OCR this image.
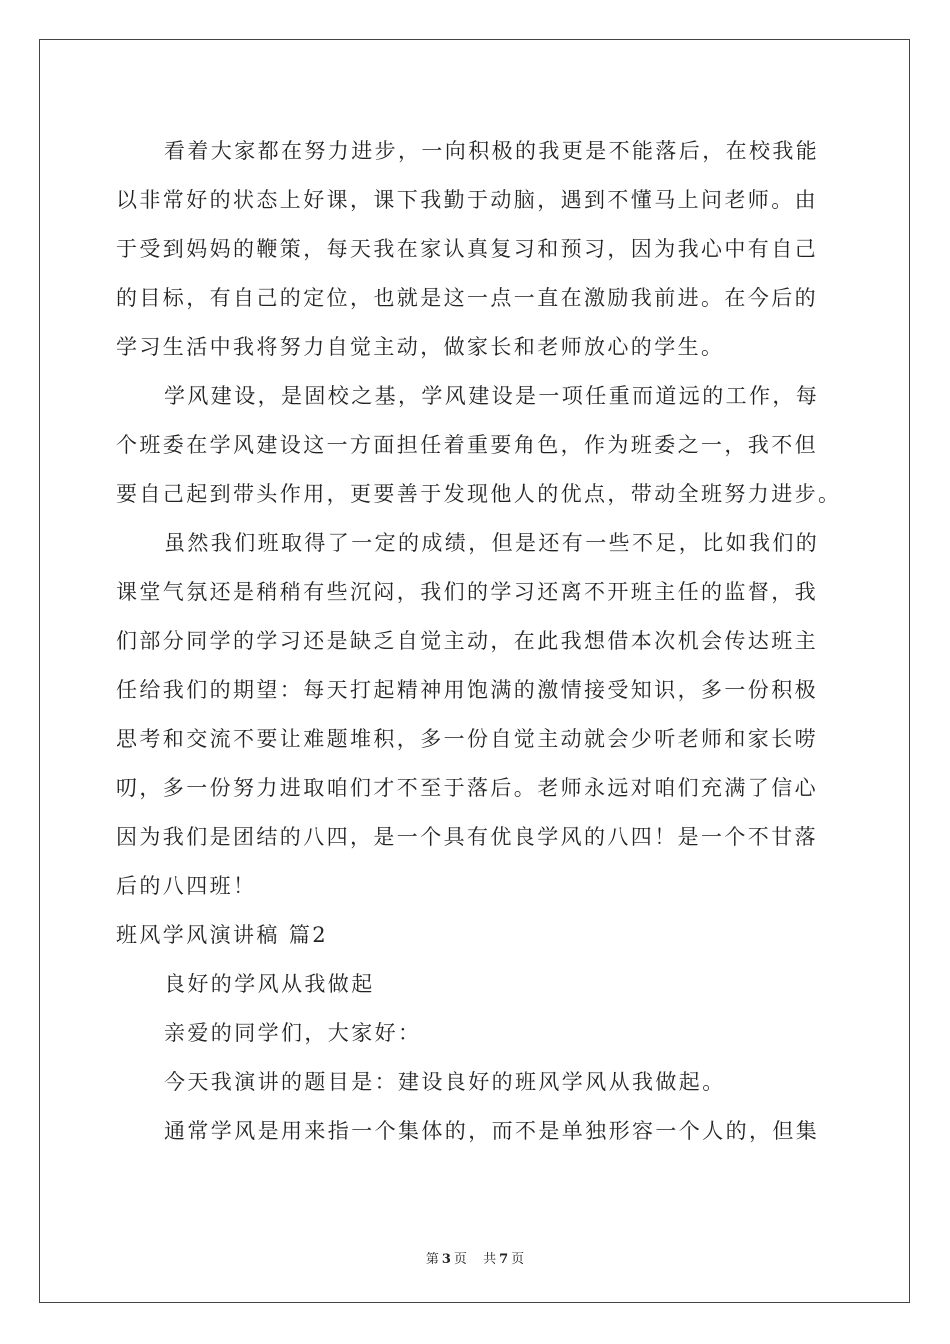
看着大家都在努力进步，一向积极的我更是不能落后，在校我能
以非常好的状态上好课，课下我勤于动脑，遇到不懂马上问老师。由
于受到妈妈的鞭策，每天我在家认真复习和预习，因为我心中有自己
的目标，有自己的定位，也就是这一点一直在激励我前进。在今后的
学习生活中我将努力自觉主动，做家长和老师放心的学生。
学风建设，是固校之基，学风建设是一项任重而道远的工作，每
个班委在学风建设这一方面担任着重要角色，作为班委之一，我不但
要自己起到带头作用，更要善于发现他人的优点，带动全班努力进步。
虽然我们班取得了一定的成绩，但是还有一些不足，比如我们的
课堂气氛还是稍稍有些沉闷，我们的学习还离不开班主任的监督，我
们部分同学的学习还是缺乏自觉主动，在此我想借本次机会传达班主
任给我们的期望：每天打起精神用饱满的激情接受知识，多一份积极
思考和交流不要让难题堆积，多一份自觉主动就会少听老师和家长唠
叨，多一份努力进取咱们才不至于落后。老师永远对咱们充满了信心
因为我们是团结的八四，是一个具有优良学风的八四！是一个不甘落
后的八四班！
班风学风演讲稿 篇2
良好的学风从我做起
亲爱的同学们，大家好：
今天我演讲的题目是：建设良好的班风学风从我做起。
通常学风是用来指一个集体的，而不是单独形容一个人的，但集
第 3 页 共 7 页
